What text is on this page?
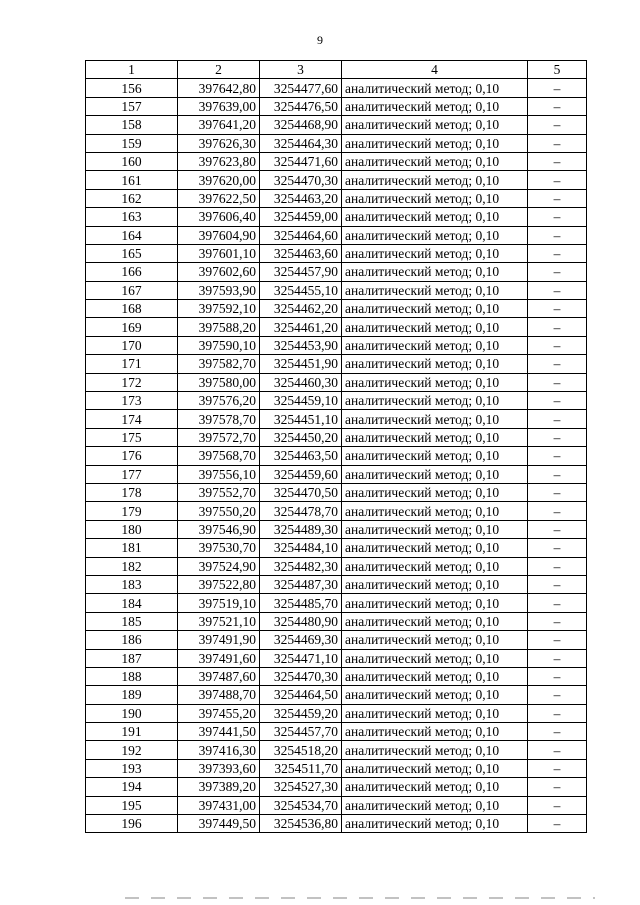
9
1	2	3	4	5
156	397642,80	3254477,60	аналитический метод; 0,10	–
157	397639,00	3254476,50	аналитический метод; 0,10	–
158	397641,20	3254468,90	аналитический метод; 0,10	–
159	397626,30	3254464,30	аналитический метод; 0,10	–
160	397623,80	3254471,60	аналитический метод; 0,10	–
161	397620,00	3254470,30	аналитический метод; 0,10	–
162	397622,50	3254463,20	аналитический метод; 0,10	–
163	397606,40	3254459,00	аналитический метод; 0,10	–
164	397604,90	3254464,60	аналитический метод; 0,10	–
165	397601,10	3254463,60	аналитический метод; 0,10	–
166	397602,60	3254457,90	аналитический метод; 0,10	–
167	397593,90	3254455,10	аналитический метод; 0,10	–
168	397592,10	3254462,20	аналитический метод; 0,10	–
169	397588,20	3254461,20	аналитический метод; 0,10	–
170	397590,10	3254453,90	аналитический метод; 0,10	–
171	397582,70	3254451,90	аналитический метод; 0,10	–
172	397580,00	3254460,30	аналитический метод; 0,10	–
173	397576,20	3254459,10	аналитический метод; 0,10	–
174	397578,70	3254451,10	аналитический метод; 0,10	–
175	397572,70	3254450,20	аналитический метод; 0,10	–
176	397568,70	3254463,50	аналитический метод; 0,10	–
177	397556,10	3254459,60	аналитический метод; 0,10	–
178	397552,70	3254470,50	аналитический метод; 0,10	–
179	397550,20	3254478,70	аналитический метод; 0,10	–
180	397546,90	3254489,30	аналитический метод; 0,10	–
181	397530,70	3254484,10	аналитический метод; 0,10	–
182	397524,90	3254482,30	аналитический метод; 0,10	–
183	397522,80	3254487,30	аналитический метод; 0,10	–
184	397519,10	3254485,70	аналитический метод; 0,10	–
185	397521,10	3254480,90	аналитический метод; 0,10	–
186	397491,90	3254469,30	аналитический метод; 0,10	–
187	397491,60	3254471,10	аналитический метод; 0,10	–
188	397487,60	3254470,30	аналитический метод; 0,10	–
189	397488,70	3254464,50	аналитический метод; 0,10	–
190	397455,20	3254459,20	аналитический метод; 0,10	–
191	397441,50	3254457,70	аналитический метод; 0,10	–
192	397416,30	3254518,20	аналитический метод; 0,10	–
193	397393,60	3254511,70	аналитический метод; 0,10	–
194	397389,20	3254527,30	аналитический метод; 0,10	–
195	397431,00	3254534,70	аналитический метод; 0,10	–
196	397449,50	3254536,80	аналитический метод; 0,10	–
